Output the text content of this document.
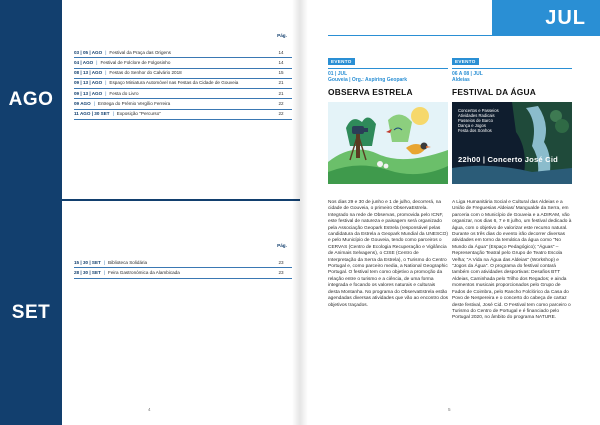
AGO
SET
Pág.
03 | 05 | AGO | Festival da Praça das Origens	14
04 | AGO | Festival de Folclore de Folgosinho	14
08 | 13 | AGO | Festas do Senhor do Calvário 2018	15
09 | 13 | AGO | Espaço Miniatura Automóvel nas Festas da Cidade de Gouveia	21
09 | 13 | AGO | Festa do Livro	21
09 AGO | Entrega do Prémio Vergílio Ferreira	22
11 AGO | 30 SET | Exposição "Percurso"	22
Pág.
15 | 30 | SET | Biblioteca Solidária	23
28 | 30 | SET | Feira Gastronómica da Alambicada	23
4
JUL
EVENTO
01 | JUL
Gouveia | Org.: Aspiring Geopark
OBSERVA ESTRELA
EVENTO
06 A 08 | JUL
Aldeias
FESTIVAL DA ÁGUA
Concertos e Passeios
Atividades Radicais
Passeios de Barco
Dança e Jogos
Festa dos Sonhos
22h00 | Concerto José Cid
Nos dias 29 e 30 de junho e 1 de julho, decorrerá, na cidade de Gouveia, o primeiro ObservaEstrela. Integrado na rede de Observas, promovida pelo ICNF, este festival de natureza e paisagem será organizado pela Associação Geopark Estrela (responsável pelas candidatura da Estrela a Geopark Mundial da UNESCO) e pelo Município de Gouveia, tendo como parceiros o CERVAS (Centro de Ecologia Recuperação e Vigilância de Animais Selvagens), o CISE (Centro de Interpretação da Serra da Estrela), o Turismo do Centro Portugal e, como parceiro media, a National Geographic Portugal. O festival tem como objetivo a promoção da relação entre o turismo e a ciência, de uma forma integrada e focando os valores naturais e culturais desta Montanha. No programa do ObservaEstrela estão agendadas diversas atividades que vão ao encontro dos objetivos traçados.
A Liga Humanitária Social e Cultural das Aldeias e a União de Freguesias Aldeias/ Mangualde da Serra, em parceria com o Município de Gouveia e a ADIRAM, vão organizar, nos dias 6, 7 e 8 julho, um festival dedicado à água, com o objetivo de valorizar este recurso natural. Durante os três dias do evento irão decorrer diversas atividades em torno da temática da água como "No Mundo da Água" (Espaço Pedagógico); "Águas" – Representação Teatral pelo Grupo de Teatro Escola Velha; "A Vida na Água das Aldeias" (Workshop) e "Jogos da Água". O programa do festival contará também com atividades desportivas: Desafios BTT Aldeias, Caminhada pelo Trilho dos Regados; e ainda momentos musicais proporcionados pelo Grupo de Fados de Coimbra, pelo Rancho Folclórico da Casa do Povo de Nespereira e o concerto do cabeça de cartaz deste festival, José Cid. O Festival tem como parceiro o Turismo do Centro de Portugal e é financiado pelo Portugal 2020, no âmbito do programa NATURE.
5
